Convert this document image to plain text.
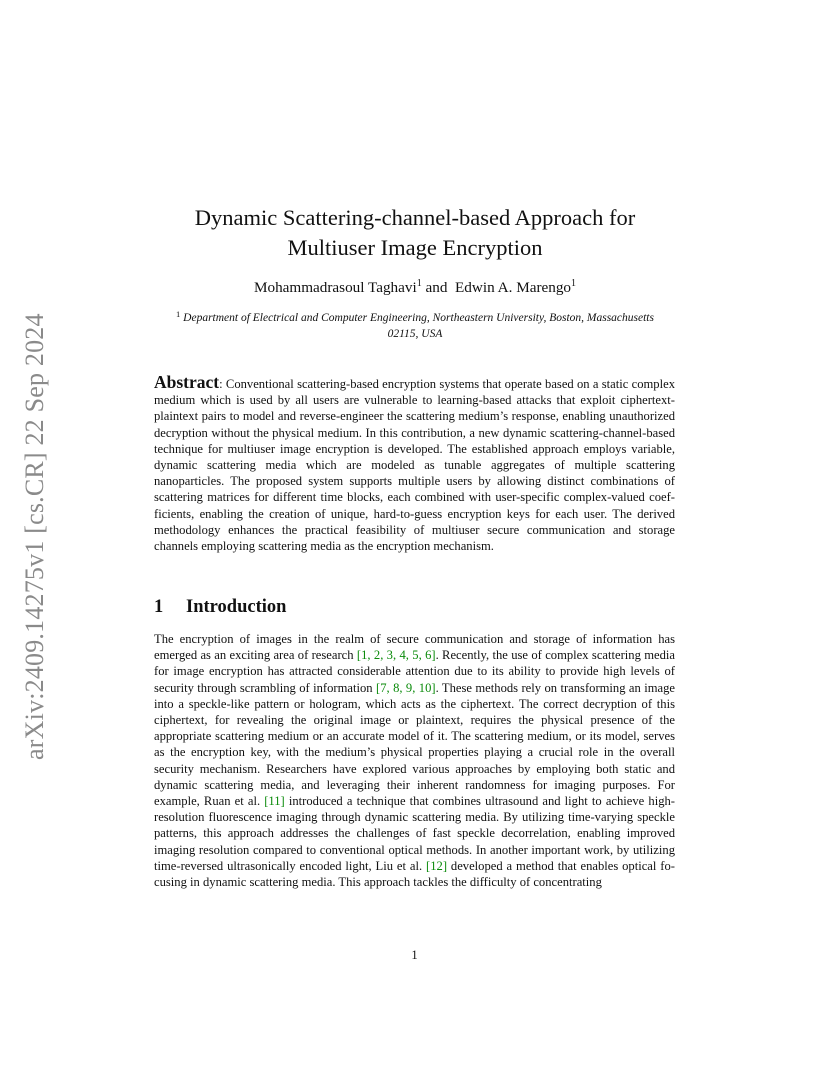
arXiv:2409.14275v1 [cs.CR] 22 Sep 2024
Dynamic Scattering-channel-based Approach for
Multiuser Image Encryption
Mohammadrasoul Taghavi$^1$ and  Edwin A. Marengo$^1$
$^1$ Department of Electrical and Computer Engineering, Northeastern University, Boston, Massachusetts 02115, USA

Abstract: Conventional scattering-based encryption systems that operate based on a static complex medium which is used by all users are vulnerable to learning-based attacks that exploit ciphertext-plaintext pairs to model and reverse-engineer the scattering medium’s response, enabling unauthorized decryption without the physical medium. In this contribution, a new dynamic scattering-channel-based technique for multiuser image encryption is developed. The established approach employs variable, dynamic scattering media which are modeled as tunable aggregates of multiple scattering nanoparticles. The proposed system supports multiple users by allowing distinct combinations of scattering matrices for different time blocks, each combined with user-specific complex-valued coefficients, enabling the creation of unique, hard-to-guess encryption keys for each user. The derived methodology enhances the practical feasibility of multiuser secure communication and storage channels employing scattering media as the encryption mechanism.

1 Introduction

The encryption of images in the realm of secure communication and storage of information has emerged as an exciting area of research [1, 2, 3, 4, 5, 6]. Recently, the use of complex scattering media for image encryption has attracted considerable attention due to its ability to provide high levels of security through scrambling of information [7, 8, 9, 10]. These methods rely on transforming an image into a speckle-like pattern or hologram, which acts as the ciphertext. The correct decryption of this ciphertext, for revealing the original image or plaintext, requires the physical presence of the appropriate scattering medium or an accurate model of it. The scattering medium, or its model, serves as the encryption key, with the medium’s physical properties playing a crucial role in the overall security mechanism. Researchers have explored various approaches by employing both static and dynamic scattering media, and leveraging their inherent randomness for imaging purposes. For example, Ruan et al. [11] introduced a technique that combines ultrasound and light to achieve high-resolution fluorescence imaging through dynamic scattering media. By utilizing time-varying speckle patterns, this approach addresses the challenges of fast speckle decorrelation, enabling improved imaging resolution compared to conventional optical methods. In another important work, by utilizing time-reversed ultrasonically encoded light, Liu et al. [12] developed a method that enables optical focusing in dynamic scattering media. This approach tackles the difficulty of concentrating

1
